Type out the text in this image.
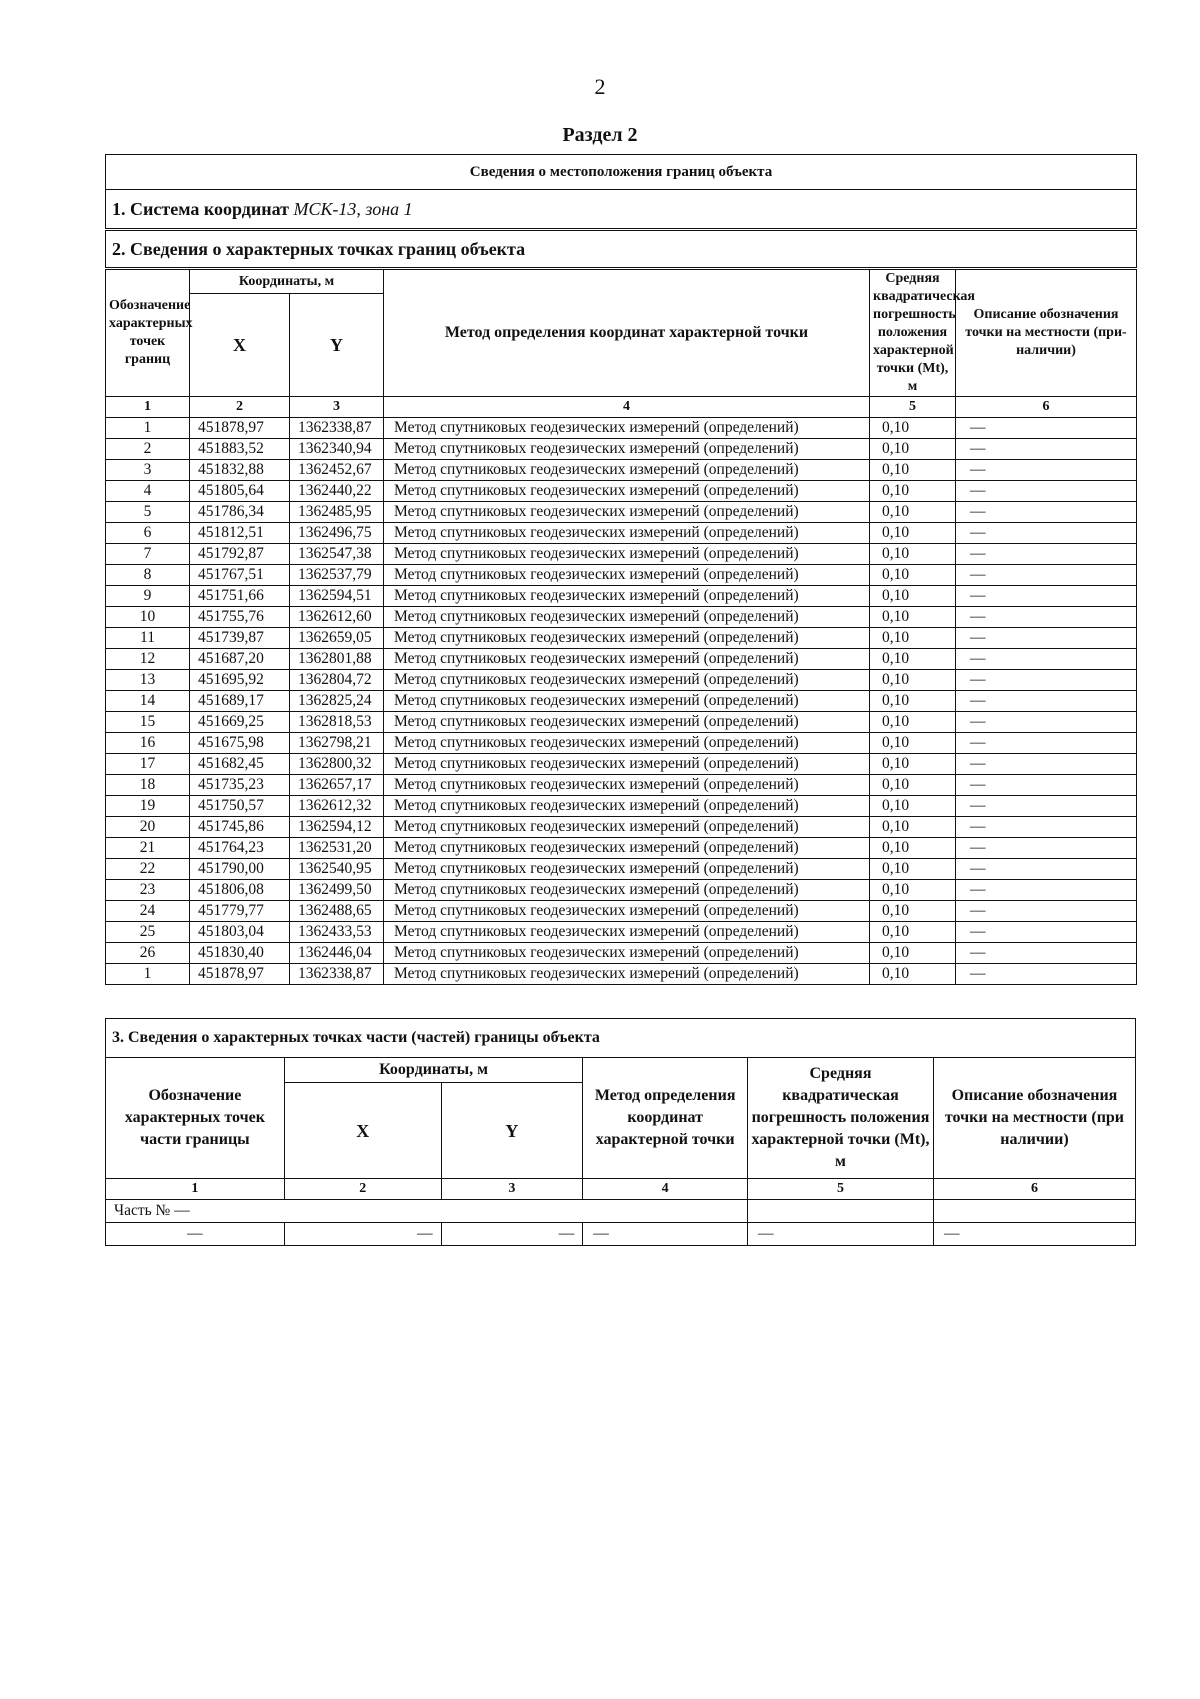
2
Раздел 2
Сведения о местоположения границ объекта					
1. Система координат МСК-13, зона 1					
2. Сведения о характерных точках границ объекта					
Обозначение характерных точек границ	Координаты, м		Метод определения координат характерной точки	Средняя квадратическая погрешность положения характерной точки (Mt), м	Описание обозначения точки на местности (при- наличии)
	X	Y			
1	2	3	4	5	6
1	451878,97	1362338,87	Метод спутниковых геодезических измерений (определений)	0,10	—
2	451883,52	1362340,94	Метод спутниковых геодезических измерений (определений)	0,10	—
3	451832,88	1362452,67	Метод спутниковых геодезических измерений (определений)	0,10	—
4	451805,64	1362440,22	Метод спутниковых геодезических измерений (определений)	0,10	—
5	451786,34	1362485,95	Метод спутниковых геодезических измерений (определений)	0,10	—
6	451812,51	1362496,75	Метод спутниковых геодезических измерений (определений)	0,10	—
7	451792,87	1362547,38	Метод спутниковых геодезических измерений (определений)	0,10	—
8	451767,51	1362537,79	Метод спутниковых геодезических измерений (определений)	0,10	—
9	451751,66	1362594,51	Метод спутниковых геодезических измерений (определений)	0,10	—
10	451755,76	1362612,60	Метод спутниковых геодезических измерений (определений)	0,10	—
11	451739,87	1362659,05	Метод спутниковых геодезических измерений (определений)	0,10	—
12	451687,20	1362801,88	Метод спутниковых геодезических измерений (определений)	0,10	—
13	451695,92	1362804,72	Метод спутниковых геодезических измерений (определений)	0,10	—
14	451689,17	1362825,24	Метод спутниковых геодезических измерений (определений)	0,10	—
15	451669,25	1362818,53	Метод спутниковых геодезических измерений (определений)	0,10	—
16	451675,98	1362798,21	Метод спутниковых геодезических измерений (определений)	0,10	—
17	451682,45	1362800,32	Метод спутниковых геодезических измерений (определений)	0,10	—
18	451735,23	1362657,17	Метод спутниковых геодезических измерений (определений)	0,10	—
19	451750,57	1362612,32	Метод спутниковых геодезических измерений (определений)	0,10	—
20	451745,86	1362594,12	Метод спутниковых геодезических измерений (определений)	0,10	—
21	451764,23	1362531,20	Метод спутниковых геодезических измерений (определений)	0,10	—
22	451790,00	1362540,95	Метод спутниковых геодезических измерений (определений)	0,10	—
23	451806,08	1362499,50	Метод спутниковых геодезических измерений (определений)	0,10	—
24	451779,77	1362488,65	Метод спутниковых геодезических измерений (определений)	0,10	—
25	451803,04	1362433,53	Метод спутниковых геодезических измерений (определений)	0,10	—
26	451830,40	1362446,04	Метод спутниковых геодезических измерений (определений)	0,10	—
1	451878,97	1362338,87	Метод спутниковых геодезических измерений (определений)	0,10	—
3. Сведения о характерных точках части (частей) границы объекта					
Обозначение характерных точек части границы	Координаты, м		Метод определения координат характерной точки	Средняя квадратическая погрешность положения характерной точки (Mt), м	Описание обозначения точки на местности (при наличии)
	X	Y			
1	2	3	4	5	6
Часть № —					
—	—	—	—	—	—
